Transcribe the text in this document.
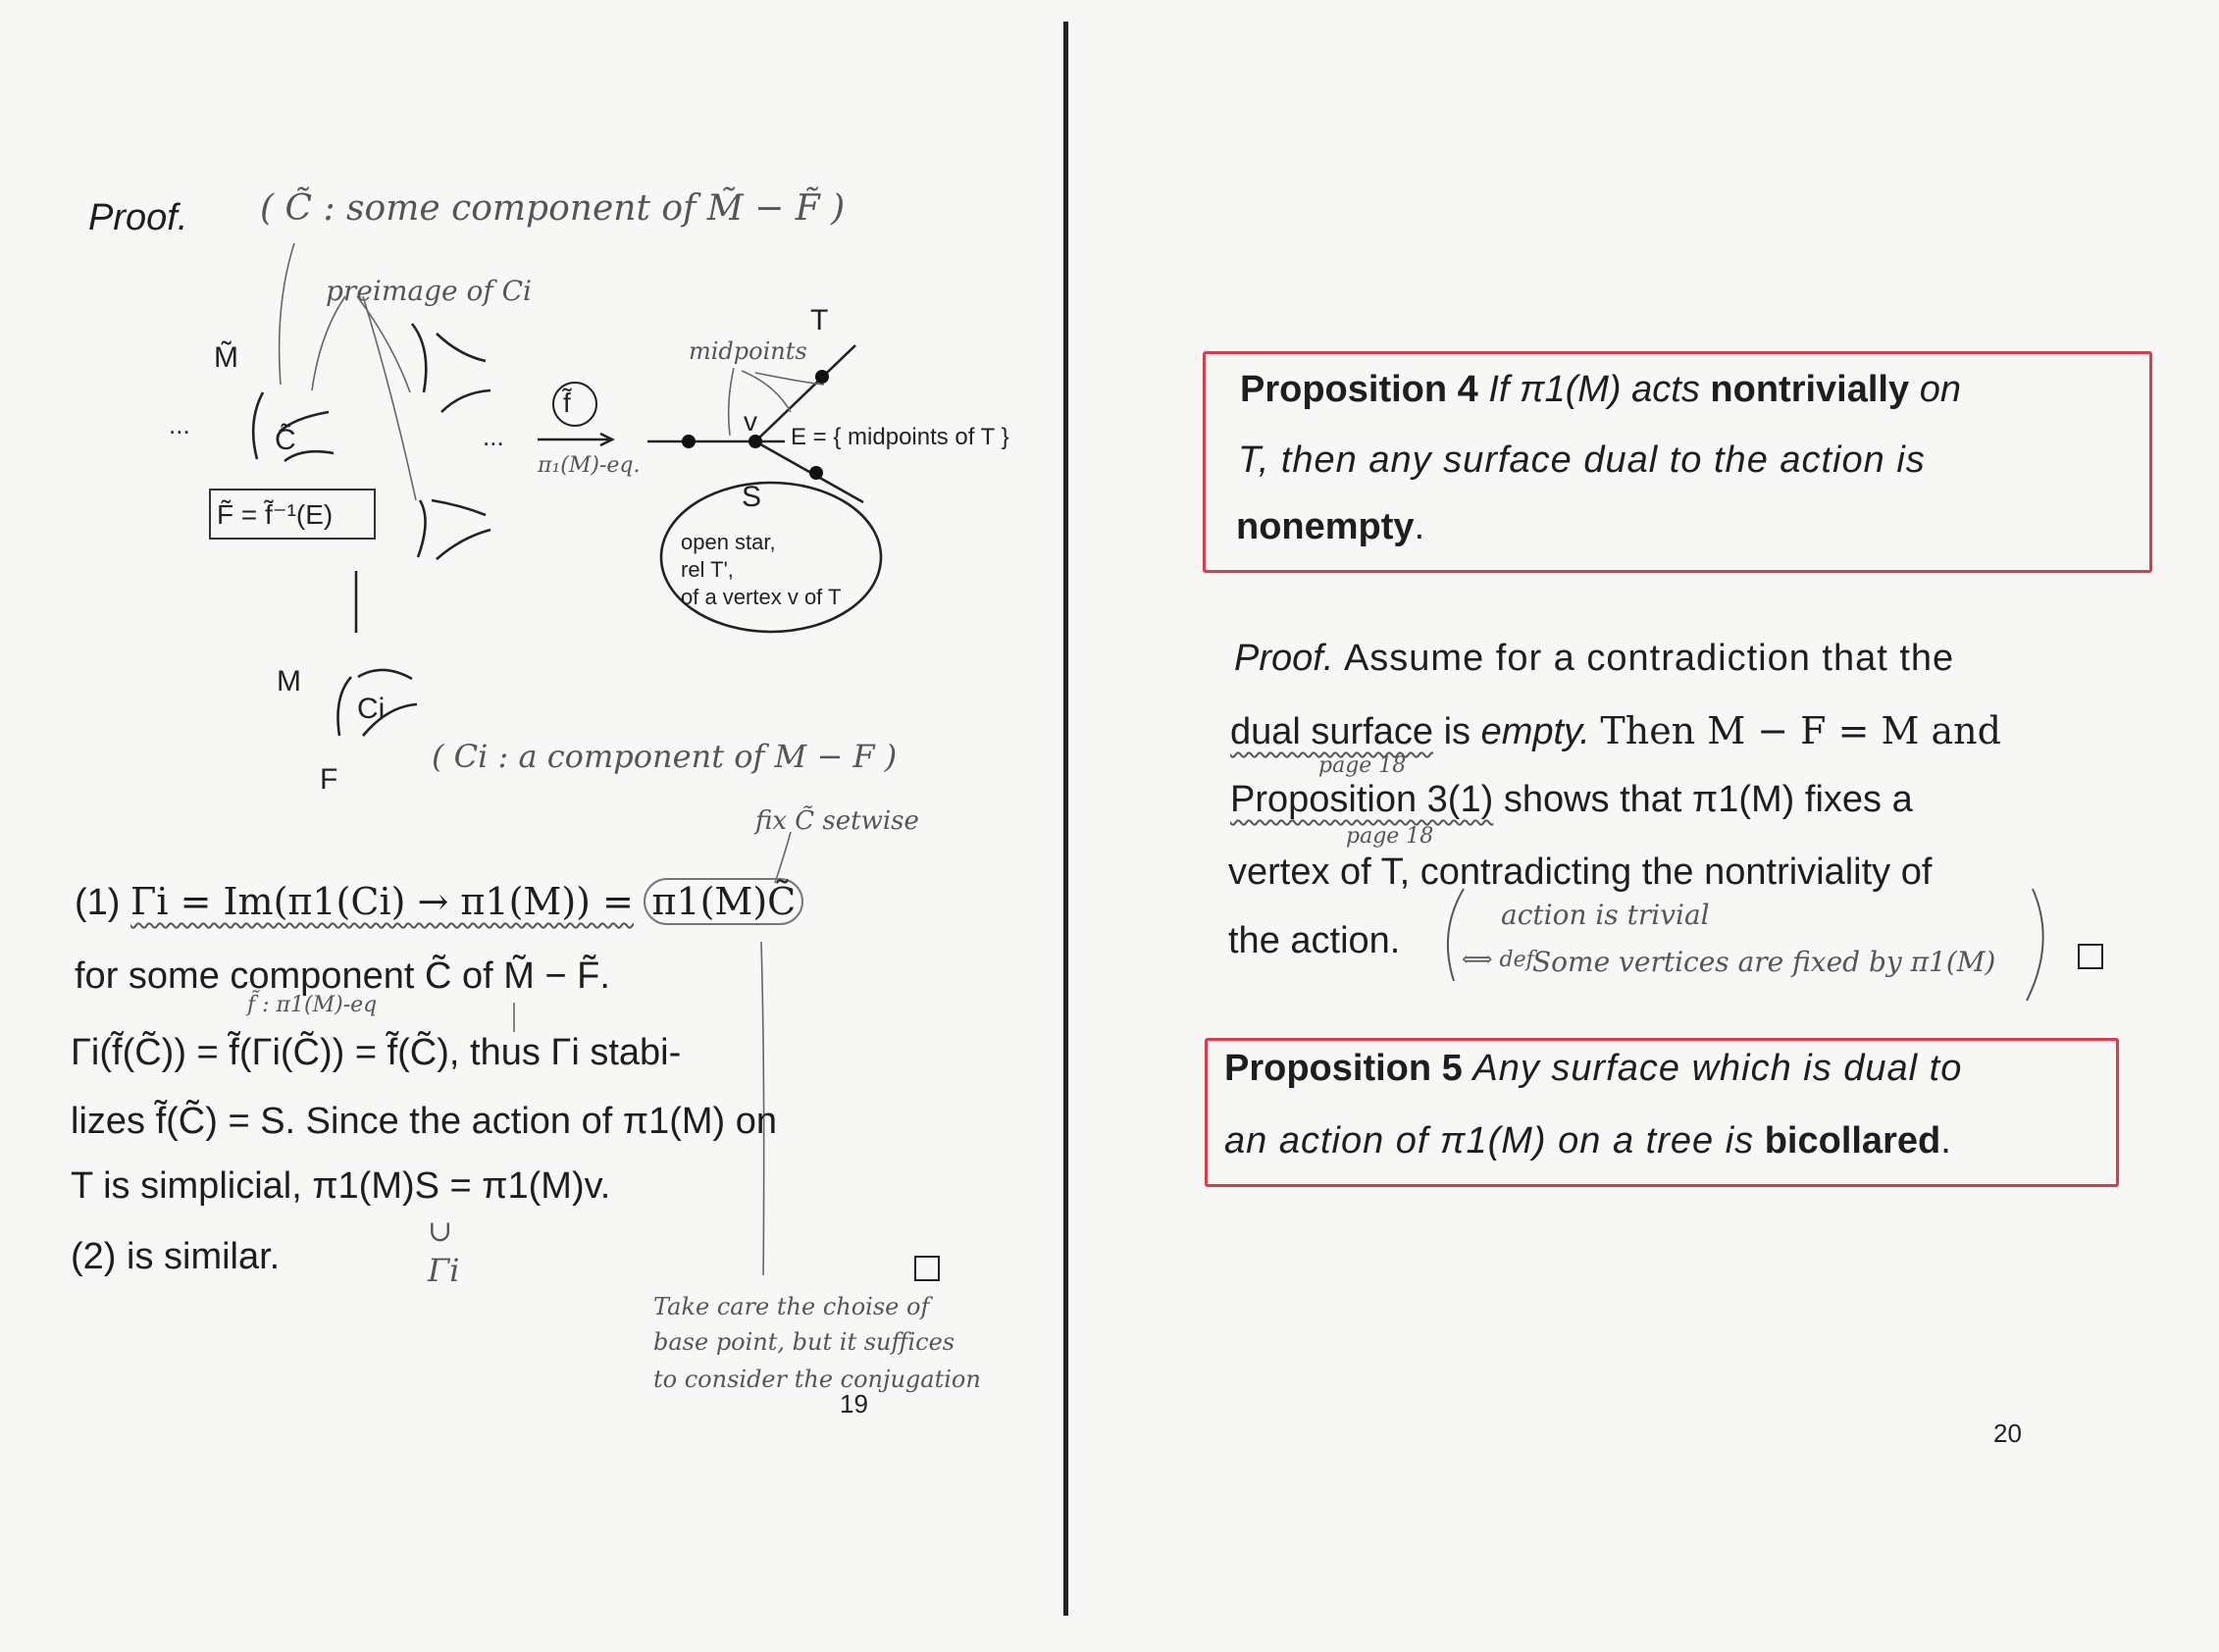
Proof. ( C̃ : some component of M̃ − F̃ )
preimage of Ci
M̃
...	C̃	...
F̃ = f̃⁻¹(E)
f̃
π₁(M)-eq.
T
midpoints
v
E = { midpoints of T }
S
open star,
rel T',
of a vertex v of T
M
Ci
F
( Ci : a component of M − F )
fix C̃ setwise
(1) Γi = Im(π1(Ci) → π1(M)) = π1(M)C̃
for some component C̃ of M̃ − F̃.
f̃ : π1(M)-eq
Γi(f̃(C̃)) = f̃(Γi(C̃)) = f̃(C̃), thus Γi stabi-
lizes f̃(C̃) = S. Since the action of π1(M) on
T is simplicial, π1(M)S = π1(M)v.
∪
Γi
(2) is similar.
Take care the choise of
base point, but it suffices
to consider the conjugation
19
Proposition 4 If π1(M) acts nontrivially on
T, then any surface dual to the action is
nonempty.
Proof. Assume for a contradiction that the
dual surface is empty. Then M − F = M and
page 18
Proposition 3(1) shows that π1(M) fixes a
page 18
vertex of T, contradicting the nontriviality of
the action.
action is trivial
⟺ def
Some vertices are fixed by π1(M)
Proposition 5 Any surface which is dual to
an action of π1(M) on a tree is bicollared.
20
